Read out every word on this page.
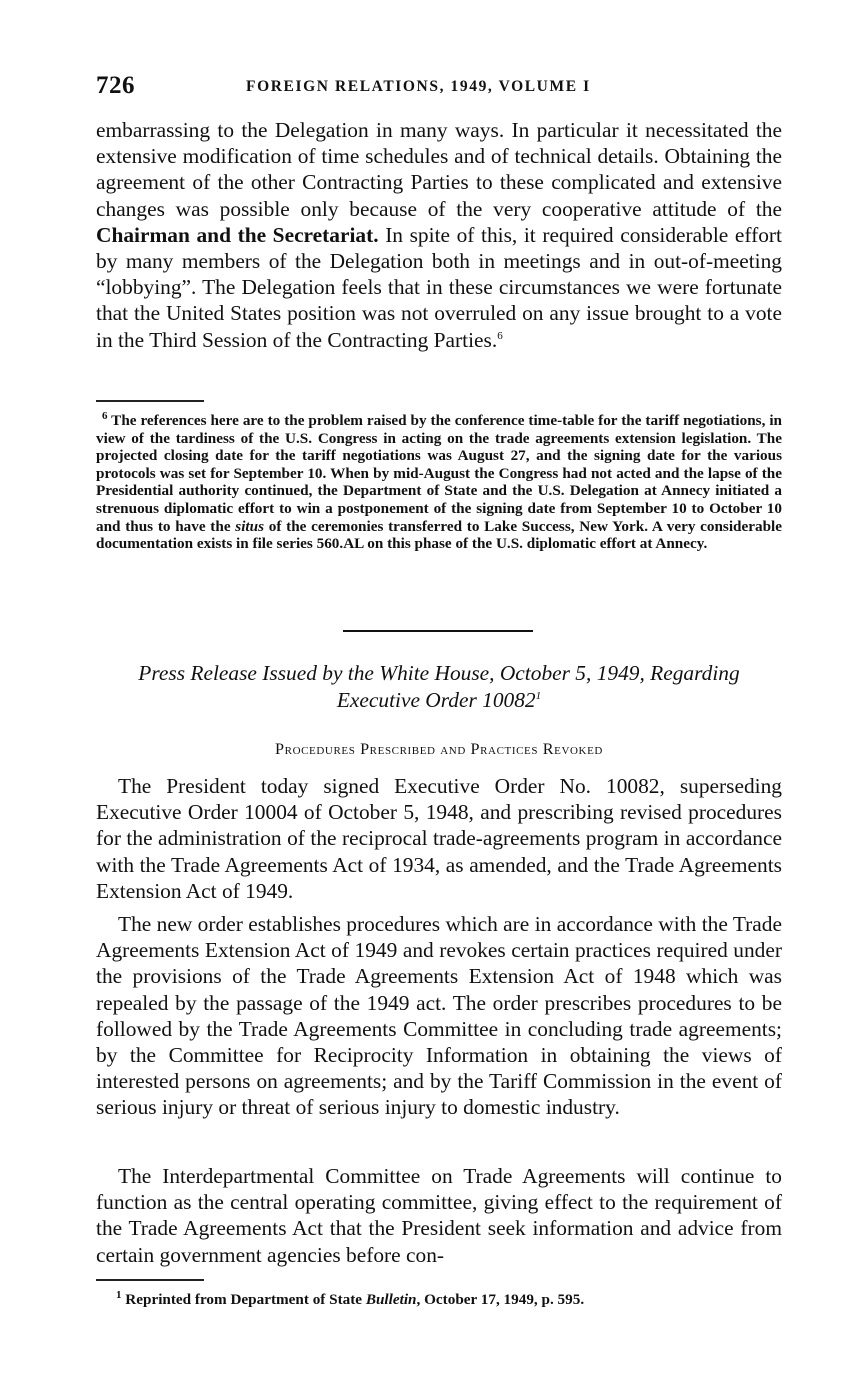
726	FOREIGN RELATIONS, 1949, VOLUME I

embarrassing to the Delegation in many ways. In particular it necessitated the extensive modification of time schedules and of technical details. Obtaining the agreement of the other Contracting Parties to these complicated and extensive changes was possible only because of the very cooperative attitude of the Chairman and the Secretariat. In spite of this, it required considerable effort by many members of the Delegation both in meetings and in out-of-meeting “lobbying”. The Delegation feels that in these circumstances we were fortunate that the United States position was not overruled on any issue brought to a vote in the Third Session of the Contracting Parties.$^6$

$^6$ The references here are to the problem raised by the conference time-table for the tariff negotiations, in view of the tardiness of the U.S. Congress in acting on the trade agreements extension legislation. The projected closing date for the tariff negotiations was August 27, and the signing date for the various protocols was set for September 10. When by mid-August the Congress had not acted and the lapse of the Presidential authority continued, the Department of State and the U.S. Delegation at Annecy initiated a strenuous diplomatic effort to win a postponement of the signing date from September 10 to October 10 and thus to have the situs of the ceremonies transferred to Lake Success, New York. A very considerable documentation exists in file series 560.AL on this phase of the U.S. diplomatic effort at Annecy.

Press Release Issued by the White House, October 5, 1949, Regarding Executive Order 10082$^1$

Procedures Prescribed and Practices Revoked

The President today signed Executive Order No. 10082, superseding Executive Order 10004 of October 5, 1948, and prescribing revised procedures for the administration of the reciprocal trade-agreements program in accordance with the Trade Agreements Act of 1934, as amended, and the Trade Agreements Extension Act of 1949.

The new order establishes procedures which are in accordance with the Trade Agreements Extension Act of 1949 and revokes certain practices required under the provisions of the Trade Agreements Extension Act of 1948 which was repealed by the passage of the 1949 act. The order prescribes procedures to be followed by the Trade Agreements Committee in concluding trade agreements; by the Committee for Reciprocity Information in obtaining the views of interested persons on agreements; and by the Tariff Commission in the event of serious injury or threat of serious injury to domestic industry.

The Interdepartmental Committee on Trade Agreements will continue to function as the central operating committee, giving effect to the requirement of the Trade Agreements Act that the President seek information and advice from certain government agencies before con-

$^1$ Reprinted from Department of State Bulletin, October 17, 1949, p. 595.
